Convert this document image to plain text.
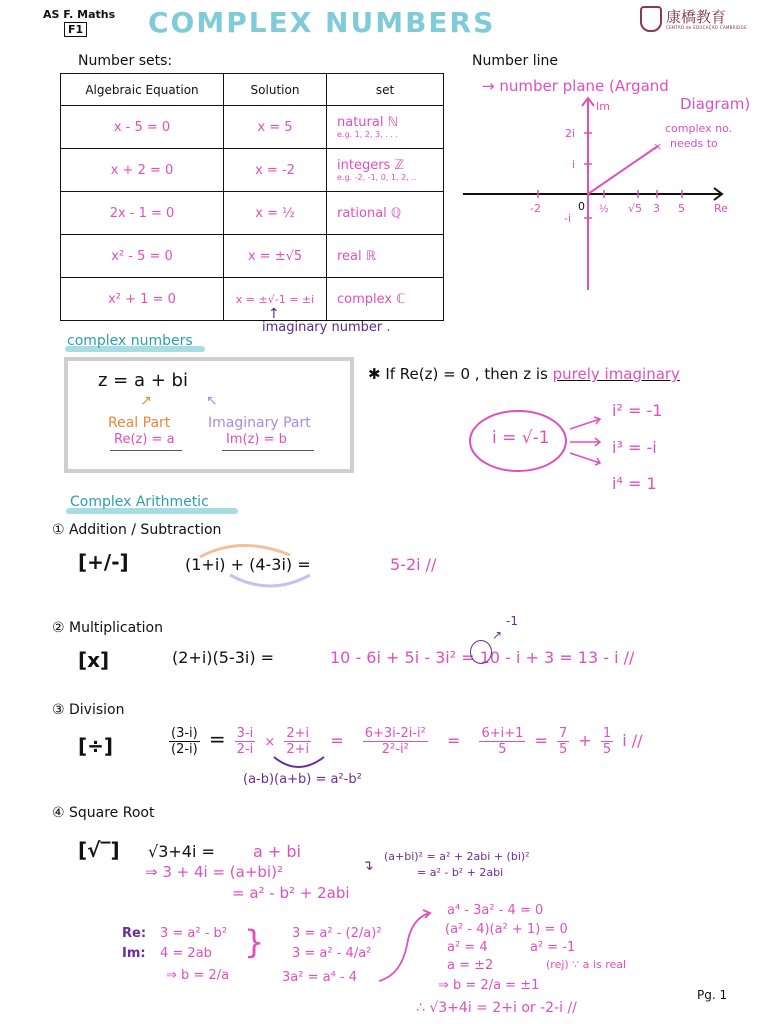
AS F. Maths
F1 COMPLEX NUMBERS	康橋教育
CENTRO de EDUCAÇÃO CAMBRIDGE
Number sets:
Algebraic Equation	Solution	set
x - 5 = 0	x = 5	natural ℕ
e.g. 1, 2, 3, . . .

x + 2 = 0	x = -2	integers ℤ
e.g. -2, -1, 0, 1, 2, ..

2x - 1 = 0	x = ½	rational ℚ
x² - 5 = 0	x = ±√5	real ℝ
x² + 1 = 0	x = ±√-1 = ±i	complex ℂ
↑
imaginary number .
Number line
→ number plane (Argand
Diagram)
×
-2	0 ½ √5 3 5	Re
Im
2i
i
-i
complex no.
needs to
complex numbers
z = a + bi
↗	↖
Real Part
Re(z) = a
Imaginary Part
Im(z) = b
✱ If Re(z) = 0 , then z is purely imaginary
i = √-1
i² = -1
i³ = -i
i⁴ = 1
Complex Arithmetic
① Addition / Subtraction
[+/-]	(1+i) + (4-3i) =	5-2i //
② Multiplication
[x]	(2+i)(5-3i) =	10 - 6i + 5i - 3i² = 10 - i + 3 = 13 - i //
↗
-1
③ Division
[÷]	$\frac{(3-i)}{(2-i)} = \frac{3-i}{2-i} \times \frac{2+i}{2+i} = \frac{\text{6+3i-2i-i²}}{\text{2²-i²}} = \frac{6+i+1}{5} = \frac{7}{5} + \frac{1}{5}$ i //
(a-b)(a+b) = a²-b²
④ Square Root
[√‾] √3+4i = a + bi
⇒ 3 + 4i = (a+bi)²
= a² - b² + 2abi
↴
(a+bi)² = a² + 2abi + (bi)²
= a² - b² + 2abi
Re: 3 = a² - b²
Im: 4 = 2ab }
⇒ b = 2/a
3 = a² - (2/a)²
3 = a² - 4/a²
3a² = a⁴ - 4
a⁴ - 3a² - 4 = 0
(a² - 4)(a² + 1) = 0
a² = 4	a² = -1
a = ±2	(rej) ∵ a is real
⇒ b = 2/a = ±1
∴ √3+4i = 2+i or -2-i //
Pg. 1
